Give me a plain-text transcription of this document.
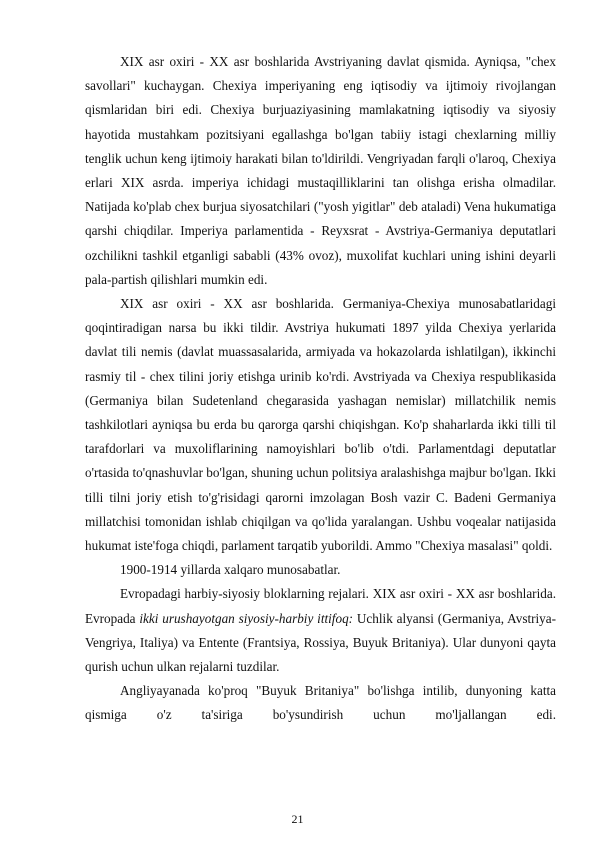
XIX asr oxiri - XX asr boshlarida Avstriyaning davlat qismida. Ayniqsa, "chex savollari" kuchaygan. Chexiya imperiyaning eng iqtisodiy va ijtimoiy rivojlangan qismlaridan biri edi. Chexiya burjuaziyasining mamlakatning iqtisodiy va siyosiy hayotida mustahkam pozitsiyani egallashga bo'lgan tabiiy istagi chexlarning milliy tenglik uchun keng ijtimoiy harakati bilan to'ldirildi. Vengriyadan farqli o'laroq, Chexiya erlari XIX asrda. imperiya ichidagi mustaqilliklarini tan olishga erisha olmadilar. Natijada ko'plab chex burjua siyosatchilari ("yosh yigitlar" deb ataladi) Vena hukumatiga qarshi chiqdilar. Imperiya parlamentida - Reyxsrat - Avstriya-Germaniya deputatlari ozchilikni tashkil etganligi sababli (43% ovoz), muxolifat kuchlari uning ishini deyarli pala-partish qilishlari mumkin edi.

XIX asr oxiri - XX asr boshlarida. Germaniya-Chexiya munosabatlaridagi qoqintiradigan narsa bu ikki tildir. Avstriya hukumati 1897 yilda Chexiya yerlarida davlat tili nemis (davlat muassasalarida, armiyada va hokazolarda ishlatilgan), ikkinchi rasmiy til - chex tilini joriy etishga urinib ko'rdi. Avstriyada va Chexiya respublikasida (Germaniya bilan Sudetenland chegarasida yashagan nemislar) millatchilik nemis tashkilotlari ayniqsa bu erda bu qarorga qarshi chiqishgan. Ko'p shaharlarda ikki tilli til tarafdorlari va muxoliflarining namoyishlari bo'lib o'tdi. Parlamentdagi deputatlar o'rtasida to'qnashuvlar bo'lgan, shuning uchun politsiya aralashishga majbur bo'lgan. Ikki tilli tilni joriy etish to'g'risidagi qarorni imzolagan Bosh vazir C. Badeni Germaniya millatchisi tomonidan ishlab chiqilgan va qo'lida yaralangan. Ushbu voqealar natijasida hukumat iste'foga chiqdi, parlament tarqatib yuborildi. Ammo "Chexiya masalasi" qoldi.

1900-1914 yillarda xalqaro munosabatlar.

Evropadagi harbiy-siyosiy bloklarning rejalari. XIX asr oxiri - XX asr boshlarida. Evropada ikki urushayotgan siyosiy-harbiy ittifoq: Uchlik alyansi (Germaniya, Avstriya-Vengriya, Italiya) va Entente (Frantsiya, Rossiya, Buyuk Britaniya). Ular dunyoni qayta qurish uchun ulkan rejalarni tuzdilar.

Angliyayanada ko'proq "Buyuk Britaniya" bo'lishga intilib, dunyoning katta qismiga o'z ta'siriga bo'ysundirish uchun mo'ljallangan edi.

21
